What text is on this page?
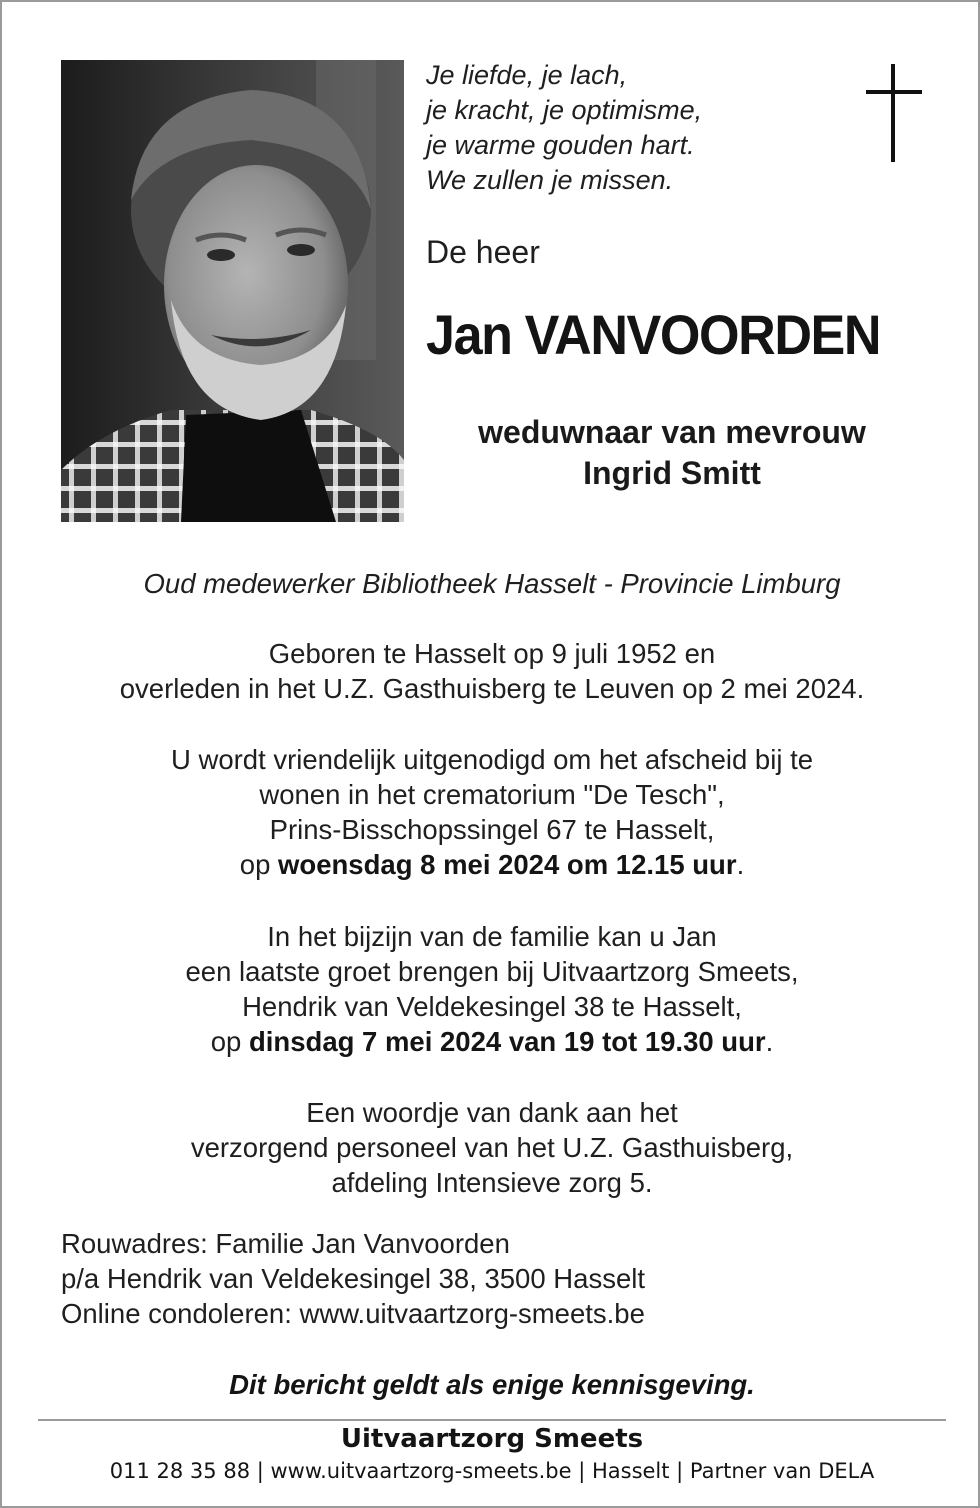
Je liefde, je lach,
je kracht, je optimisme,
je warme gouden hart.
We zullen je missen.
De heer
Jan VANVOORDEN
weduwnaar van mevrouw
Ingrid Smitt
Oud medewerker Bibliotheek Hasselt - Provincie Limburg
Geboren te Hasselt op 9 juli 1952 en
overleden in het U.Z. Gasthuisberg te Leuven op 2 mei 2024.
U wordt vriendelijk uitgenodigd om het afscheid bij te
wonen in het crematorium "De Tesch",
Prins-Bisschopssingel 67 te Hasselt,
op woensdag 8 mei 2024 om 12.15 uur.
In het bijzijn van de familie kan u Jan
een laatste groet brengen bij Uitvaartzorg Smeets,
Hendrik van Veldekesingel 38 te Hasselt,
op dinsdag 7 mei 2024 van 19 tot 19.30 uur.
Een woordje van dank aan het
verzorgend personeel van het U.Z. Gasthuisberg,
afdeling Intensieve zorg 5.
Rouwadres: Familie Jan Vanvoorden
p/a Hendrik van Veldekesingel 38, 3500 Hasselt
Online condoleren: www.uitvaartzorg-smeets.be
Dit bericht geldt als enige kennisgeving.
Uitvaartzorg Smeets
011 28 35 88 | www.uitvaartzorg-smeets.be | Hasselt | Partner van DELA
